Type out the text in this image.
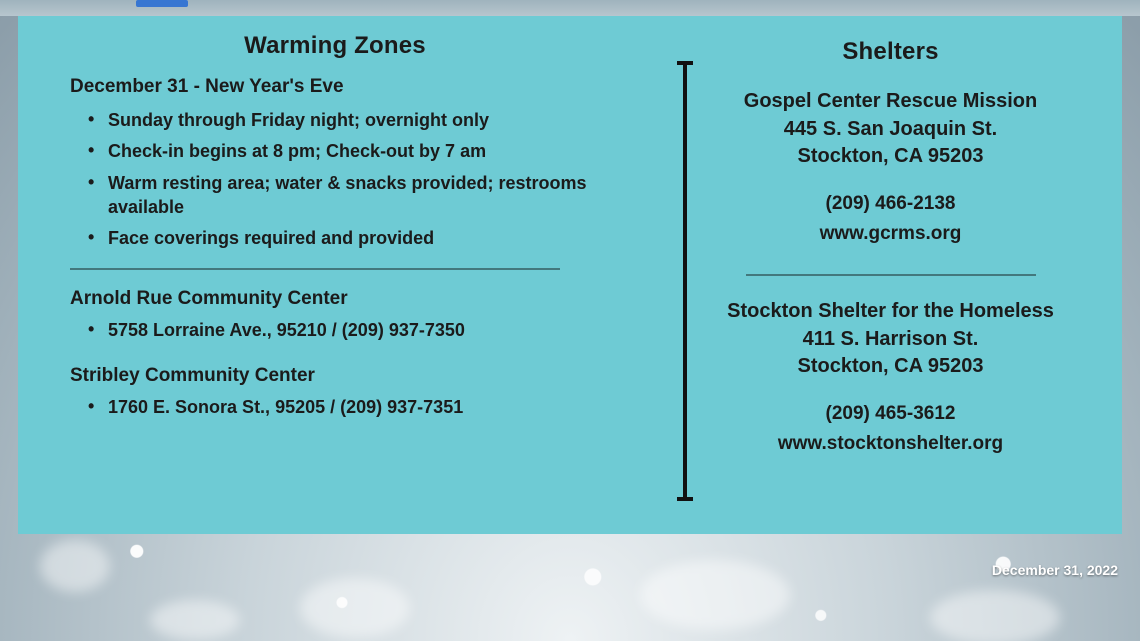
Warming Zones
December 31 - New Year's Eve
• Sunday through Friday night; overnight only
• Check-in begins at 8 pm; Check-out by 7 am
• Warm resting area; water & snacks provided; restrooms available
• Face coverings required and provided
Arnold Rue Community Center
• 5758 Lorraine Ave., 95210 / (209) 937-7350
Stribley Community Center
• 1760 E. Sonora St., 95205 / (209) 937-7351
Shelters
Gospel Center Rescue Mission
445 S. San Joaquin St.
Stockton, CA 95203
(209) 466-2138
www.gcrms.org
Stockton Shelter for the Homeless
411 S. Harrison St.
Stockton, CA 95203
(209) 465-3612
www.stocktonshelter.org
December 31, 2022
